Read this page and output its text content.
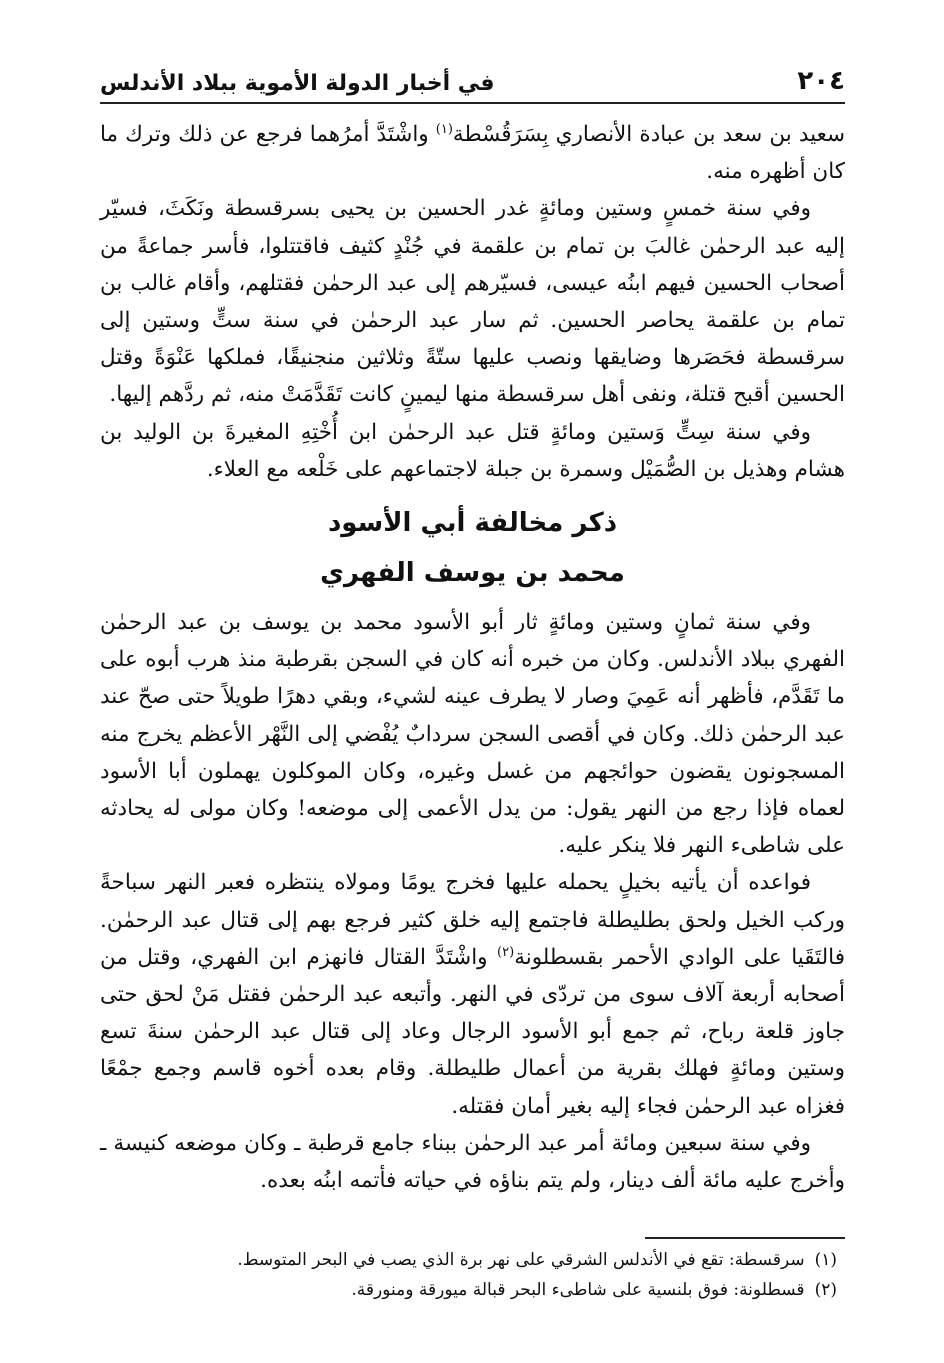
٢٠٤
في أخبار الدولة الأموية ببلاد الأندلس

سعيد بن سعد بن عبادة الأنصاري بِسَرَقُسْطة$^{(١)}$ واشْتَدَّ أمرُهما فرجع عن ذلك وترك ما كان أظهره منه.

وفي سنة خمسٍ وستين ومائةٍ غدر الحسين بن يحيى بسرقسطة ونَكَثَ، فسيّر إليه عبد الرحمٰن غالبَ بن تمام بن علقمة في جُنْدٍ كثيف فاقتتلوا، فأسر جماعةً من أصحاب الحسين فيهم ابنُه عيسى، فسيّرهم إلى عبد الرحمٰن فقتلهم، وأقام غالب بن تمام بن علقمة يحاصر الحسين. ثم سار عبد الرحمٰن في سنة ستٍّ وستين إلى سرقسطة فحَصَرها وضايقها ونصب عليها ستّةً وثلاثين منجنيقًا، فملكها عَنْوَةً وقتل الحسين أقبح قتلة، ونفى أهل سرقسطة منها ليمينٍ كانت تَقَدَّمَتْ منه، ثم ردَّهم إليها.

وفي سنة سِتٍّ وَستين ومائةٍ قتل عبد الرحمٰن ابن أُخْتِهِ المغيرةَ بن الوليد بن هشام وهذيل بن الصُّمَيْل وسمرة بن جبلة لاجتماعهم على خَلْعه مع العلاء.

ذكر مخالفة أبي الأسود
محمد بن يوسف الفهري

وفي سنة ثمانٍ وستين ومائةٍ ثار أبو الأسود محمد بن يوسف بن عبد الرحمٰن الفهري ببلاد الأندلس. وكان من خبره أنه كان في السجن بقرطبة منذ هرب أبوه على ما تَقَدَّم، فأظهر أنه عَمِيَ وصار لا يطرف عينه لشيء، وبقي دهرًا طويلاً حتى صحّ عند عبد الرحمٰن ذلك. وكان في أقصى السجن سردابٌ يُفْضي إلى النَّهْر الأعظم يخرج منه المسجونون يقضون حوائجهم من غسل وغيره، وكان الموكلون يهملون أبا الأسود لعماه فإذا رجع من النهر يقول: من يدل الأعمى إلى موضعه! وكان مولى له يحادثه على شاطىء النهر فلا ينكر عليه.

فواعده أن يأتيه بخيلٍ يحمله عليها فخرج يومًا ومولاه ينتظره فعبر النهر سباحةً وركب الخيل ولحق بطليطلة فاجتمع إليه خلق كثير فرجع بهم إلى قتال عبد الرحمٰن. فالتَقَيا على الوادي الأحمر بقسطلونة$^{(٢)}$ واشْتَدَّ القتال فانهزم ابن الفهري، وقتل من أصحابه أربعة آلاف سوى من تردّى في النهر. وأتبعه عبد الرحمٰن فقتل مَنْ لحق حتى جاوز قلعة رباح، ثم جمع أبو الأسود الرجال وعاد إلى قتال عبد الرحمٰن سنةَ تسع وستين ومائةٍ فهلك بقرية من أعمال طليطلة. وقام بعده أخوه قاسم وجمع جمْعًا فغزاه عبد الرحمٰن فجاء إليه بغير أمان فقتله.

وفي سنة سبعين ومائة أمر عبد الرحمٰن ببناء جامع قرطبة ـ وكان موضعه كنيسة ـ وأخرج عليه مائة ألف دينار، ولم يتم بناؤه في حياته فأتمه ابنُه بعده.

(١)سرقسطة: تقع في الأندلس الشرقي على نهر برة الذي يصب في البحر المتوسط.

(٢)قسطلونة: فوق بلنسية على شاطىء البحر قبالة ميورقة ومنورقة.
